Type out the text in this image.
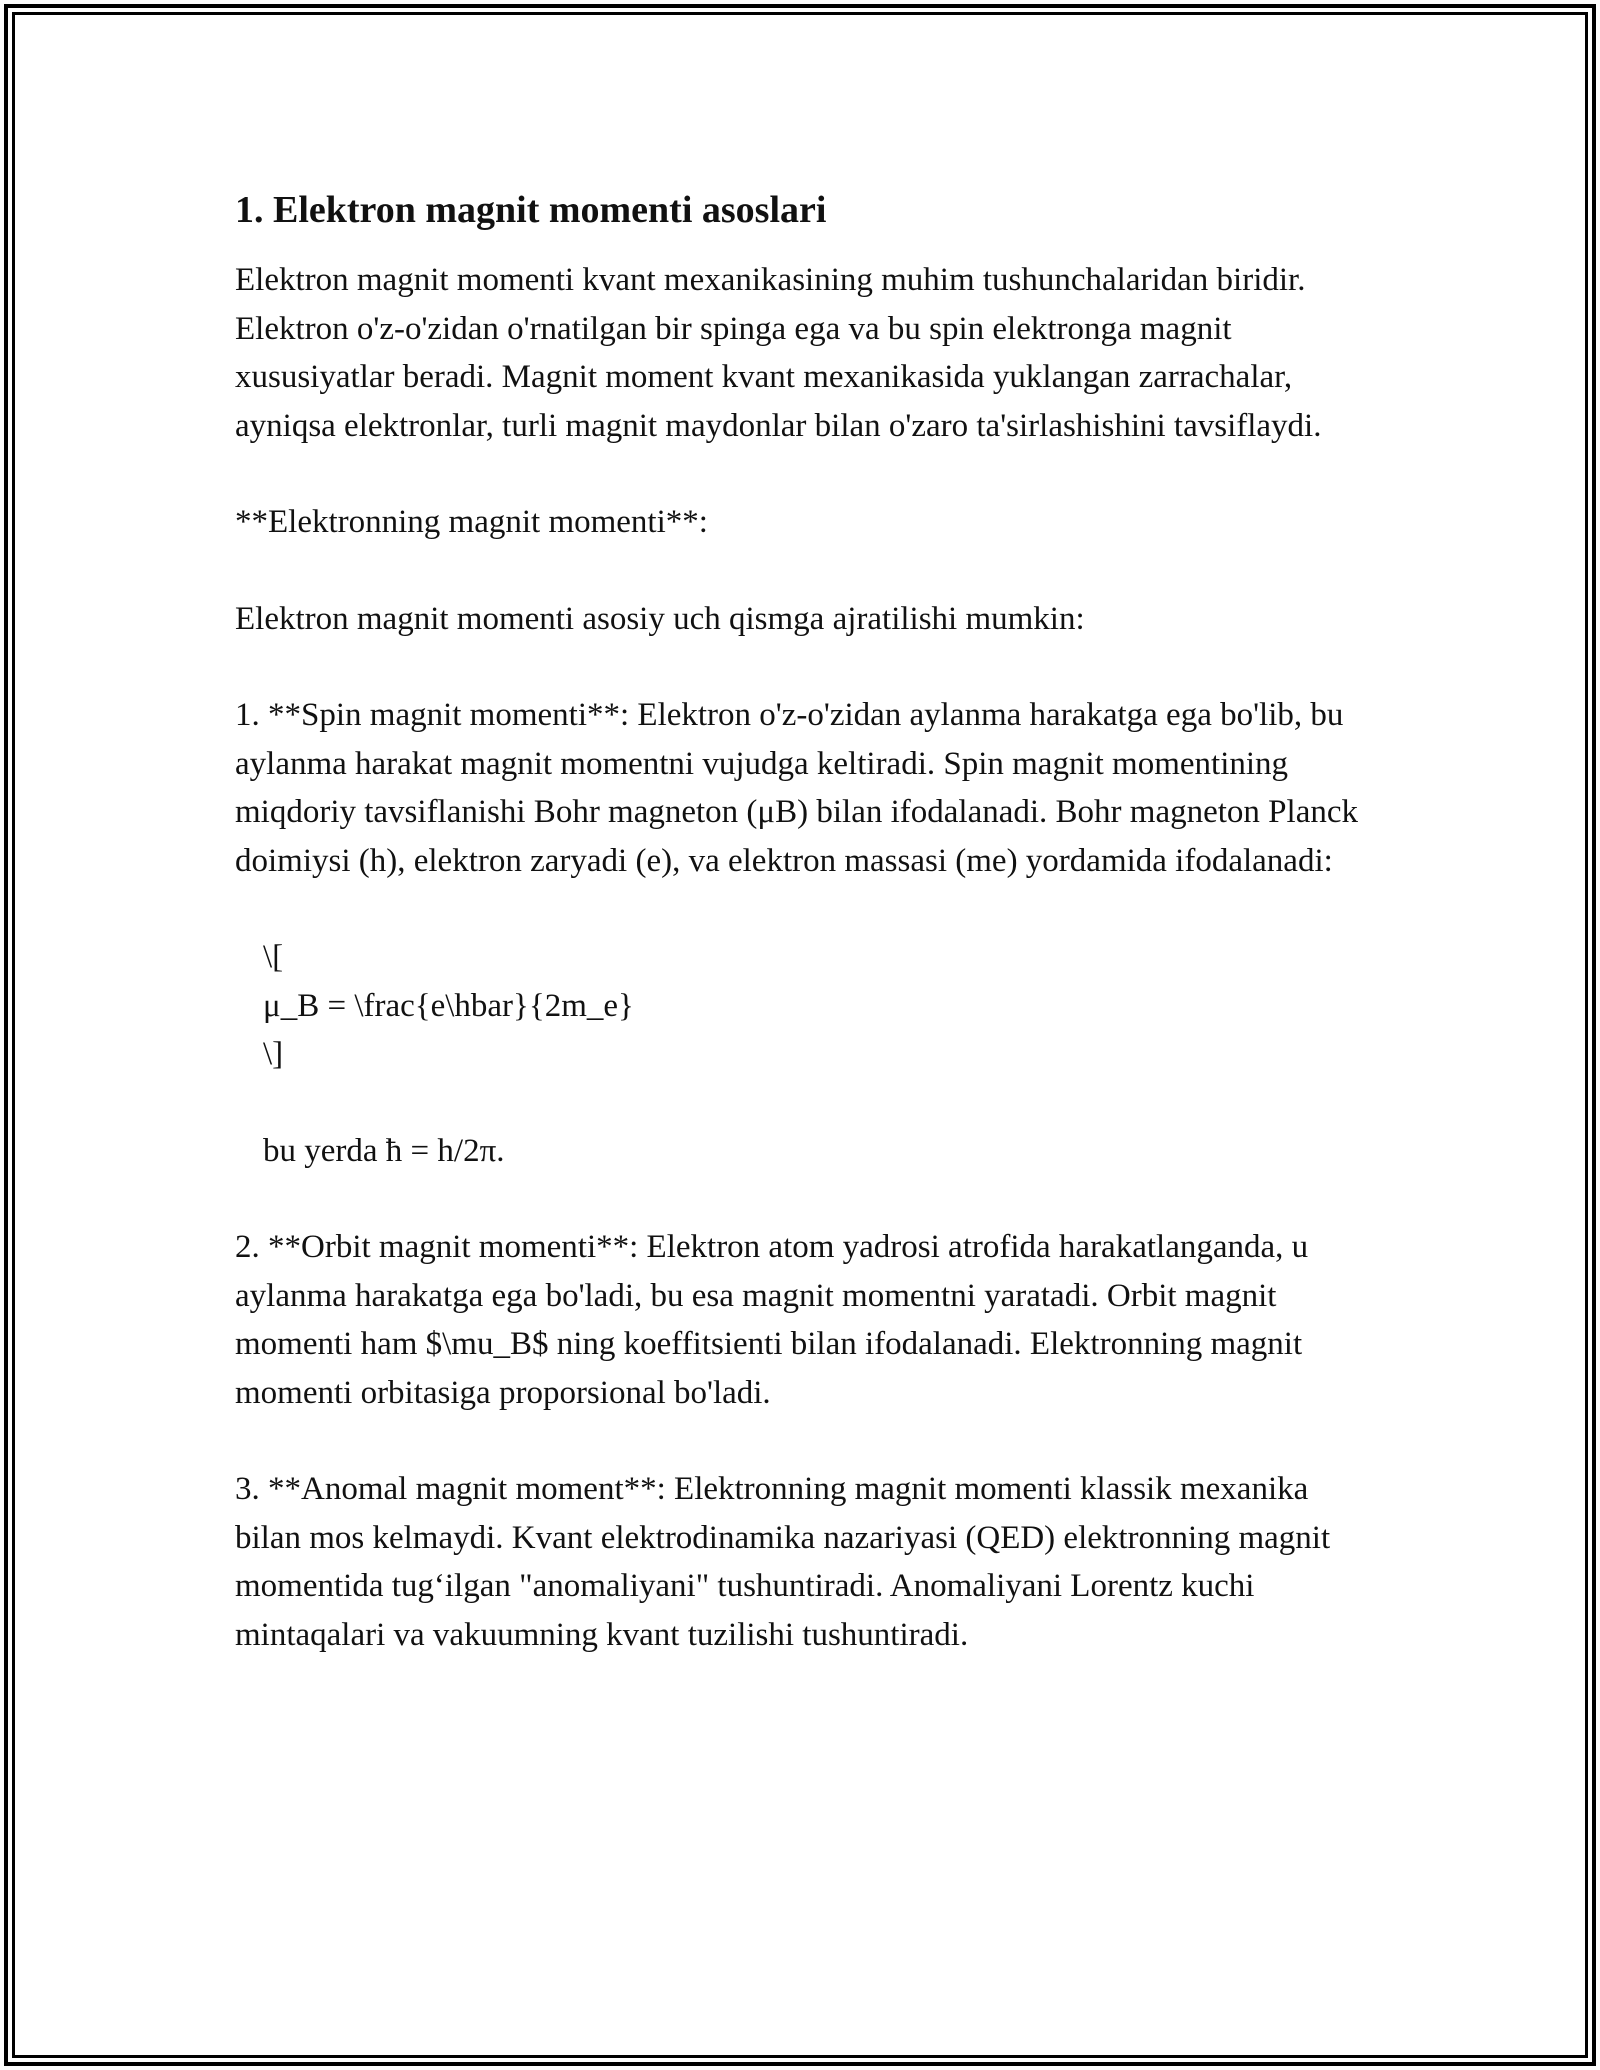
1. Elektron magnit momenti asoslari

Elektron magnit momenti kvant mexanikasining muhim tushunchalaridan biridir. Elektron o'z-o'zidan o'rnatilgan bir spinga ega va bu spin elektronga magnit xususiyatlar beradi. Magnit moment kvant mexanikasida yuklangan zarrachalar, ayniqsa elektronlar, turli magnit maydonlar bilan o'zaro ta'sirlashishini tavsiflaydi.

**Elektronning magnit momenti**:

Elektron magnit momenti asosiy uch qismga ajratilishi mumkin:

1. **Spin magnit momenti**: Elektron o'z-o'zidan aylanma harakatga ega bo'lib, bu aylanma harakat magnit momentni vujudga keltiradi. Spin magnit momentining miqdoriy tavsiflanishi Bohr magneton (μB) bilan ifodalanadi. Bohr magneton Planck doimiysi (h), elektron zaryadi (e), va elektron massasi (me) yordamida ifodalanadi:

\[
μ_B = \frac{e\hbar}{2m_e}
\]

bu yerda ħ = h/2π.

2. **Orbit magnit momenti**: Elektron atom yadrosi atrofida harakatlanganda, u aylanma harakatga ega bo'ladi, bu esa magnit momentni yaratadi. Orbit magnit momenti ham $\mu_B$ ning koeffitsienti bilan ifodalanadi. Elektronning magnit momenti orbitasiga proporsional bo'ladi.

3. **Anomal magnit moment**: Elektronning magnit momenti klassik mexanika bilan mos kelmaydi. Kvant elektrodinamika nazariyasi (QED) elektronning magnit momentida tug‘ilgan "anomaliyani" tushuntiradi. Anomaliyani Lorentz kuchi mintaqalari va vakuumning kvant tuzilishi tushuntiradi.
